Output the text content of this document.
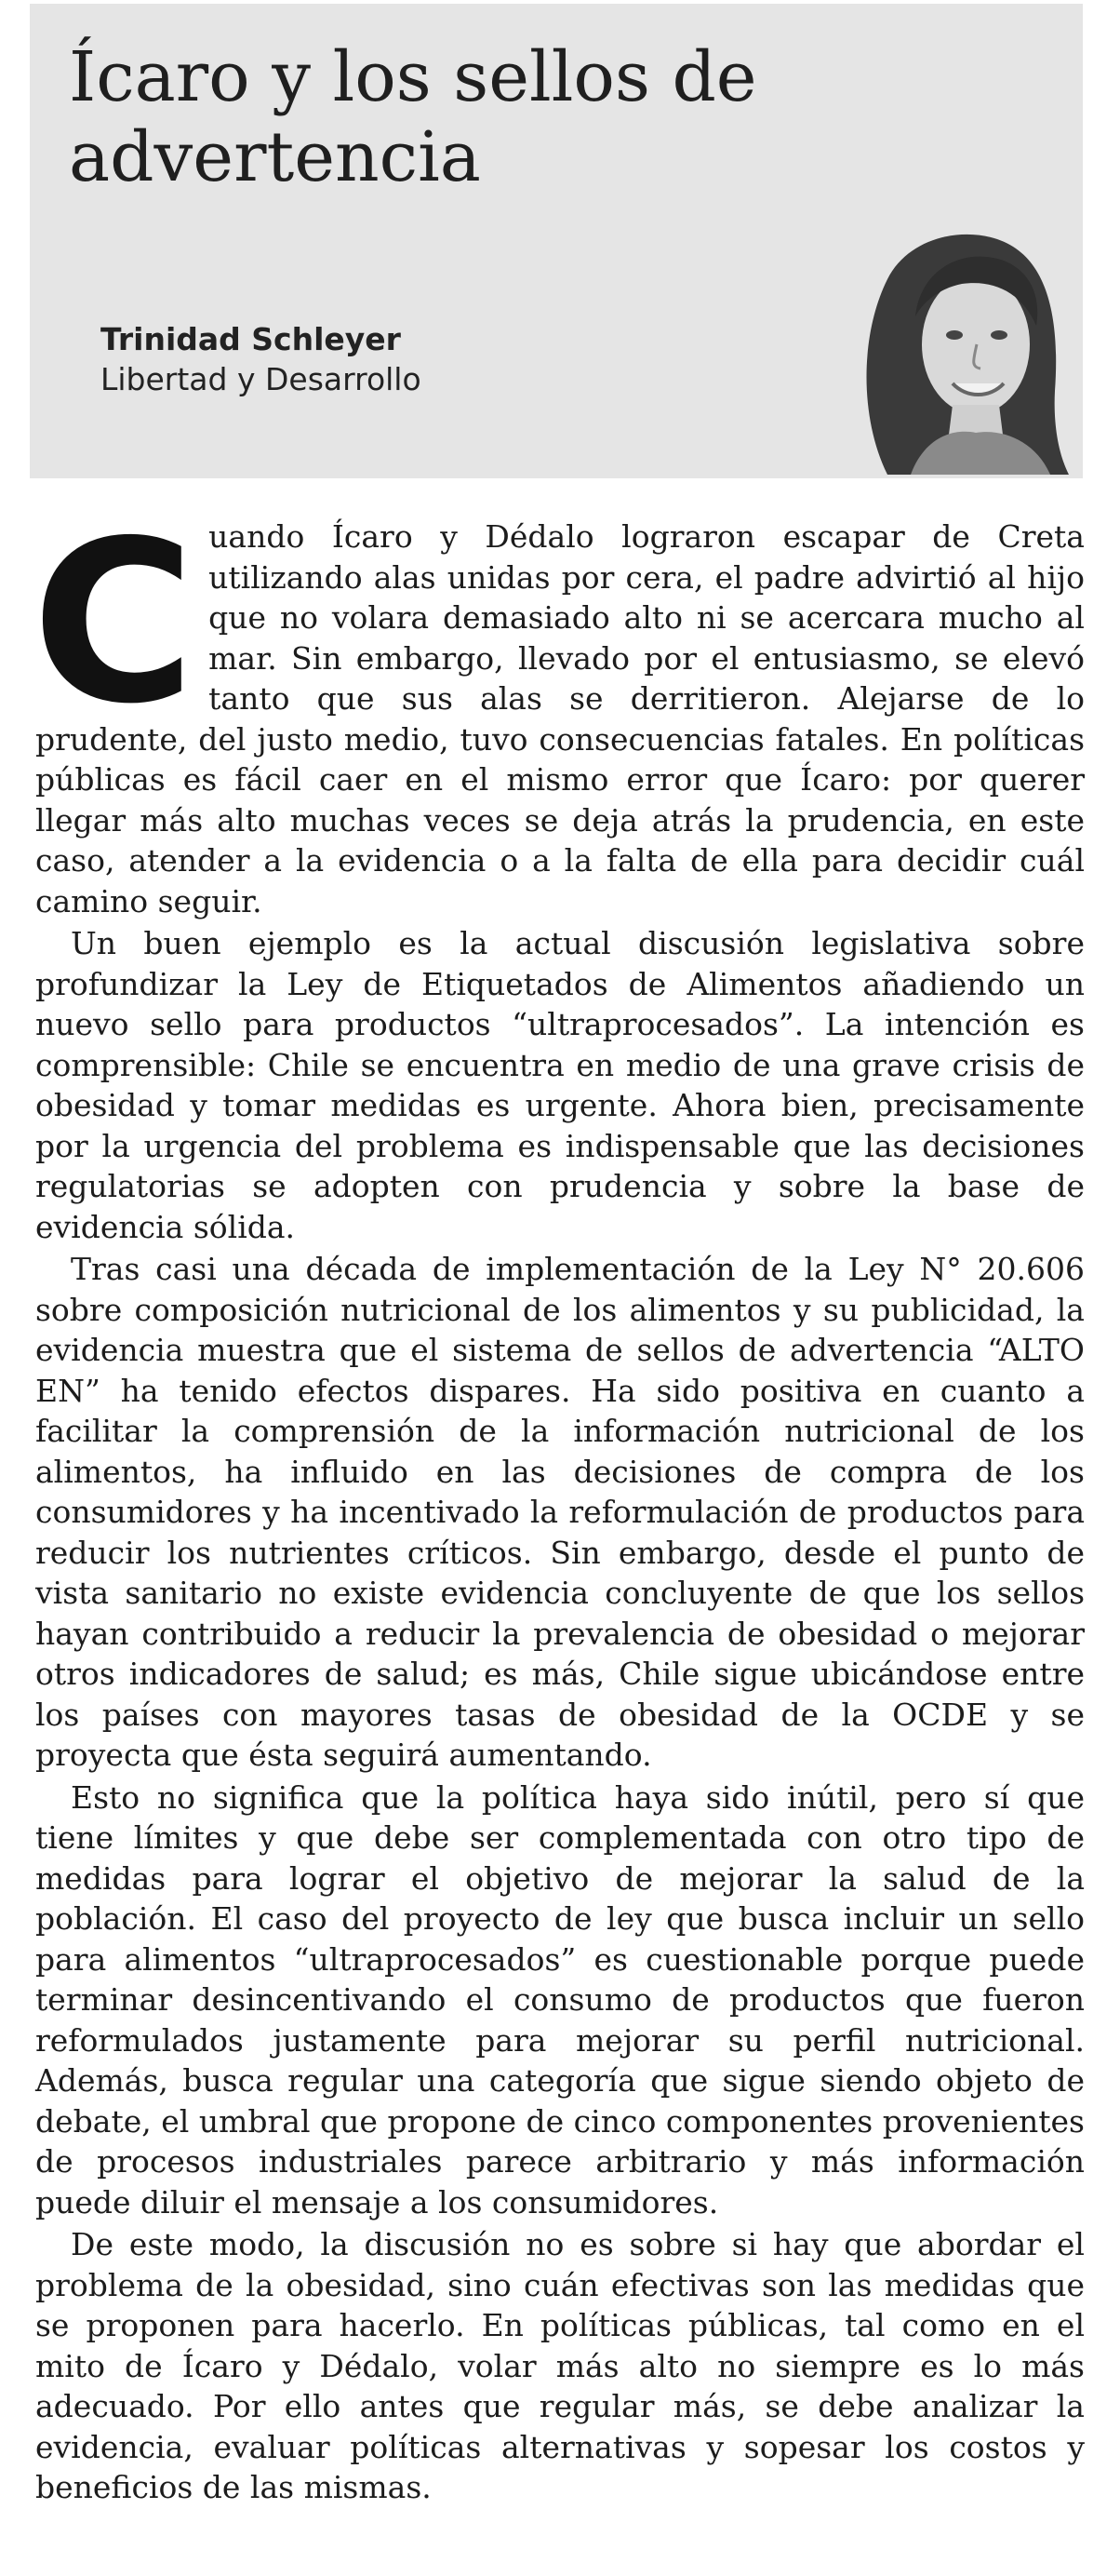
Ícaro y los sellos de advertencia
Trinidad Schleyer
Libertad y Desarrollo

Cuando Ícaro y Dédalo lograron escapar de Creta utilizando alas unidas por cera, el padre advirtió al hijo que no volara demasiado alto ni se acercara mucho al mar. Sin embargo, llevado por el entusiasmo, se elevó tanto que sus alas se derritieron. Alejarse de lo prudente, del justo medio, tuvo consecuencias fatales. En políticas públicas es fácil caer en el mismo error que Ícaro: por querer llegar más alto muchas veces se deja atrás la prudencia, en este caso, atender a la evidencia o a la falta de ella para decidir cuál camino seguir.

Un buen ejemplo es la actual discusión legislativa sobre profundizar la Ley de Etiquetados de Alimentos añadiendo un nuevo sello para productos “ultraprocesados”. La intención es comprensible: Chile se encuentra en medio de una grave crisis de obesidad y tomar medidas es urgente. Ahora bien, precisamente por la urgencia del problema es indispensable que las decisiones regulatorias se adopten con prudencia y sobre la base de evidencia sólida.

Tras casi una década de implementación de la Ley N° 20.606 sobre composición nutricional de los alimentos y su publicidad, la evidencia muestra que el sistema de sellos de advertencia “ALTO EN” ha tenido efectos dispares. Ha sido positiva en cuanto a facilitar la comprensión de la información nutricional de los alimentos, ha influido en las decisiones de compra de los consumidores y ha incentivado la reformulación de productos para reducir los nutrientes críticos. Sin embargo, desde el punto de vista sanitario no existe evidencia concluyente de que los sellos hayan contribuido a reducir la prevalencia de obesidad o mejorar otros indicadores de salud; es más, Chile sigue ubicándose entre los países con mayores tasas de obesidad de la OCDE y se proyecta que ésta seguirá aumentando.

Esto no significa que la política haya sido inútil, pero sí que tiene límites y que debe ser complementada con otro tipo de medidas para lograr el objetivo de mejorar la salud de la población. El caso del proyecto de ley que busca incluir un sello para alimentos “ultraprocesados” es cuestionable porque puede terminar desincentivando el consumo de productos que fueron reformulados justamente para mejorar su perfil nutricional. Además, busca regular una categoría que sigue siendo objeto de debate, el umbral que propone de cinco componentes provenientes de procesos industriales parece arbitrario y más información puede diluir el mensaje a los consumidores.

De este modo, la discusión no es sobre si hay que abordar el problema de la obesidad, sino cuán efectivas son las medidas que se proponen para hacerlo. En políticas públicas, tal como en el mito de Ícaro y Dédalo, volar más alto no siempre es lo más adecuado. Por ello antes que regular más, se debe analizar la evidencia, evaluar políticas alternativas y sopesar los costos y beneficios de las mismas.
